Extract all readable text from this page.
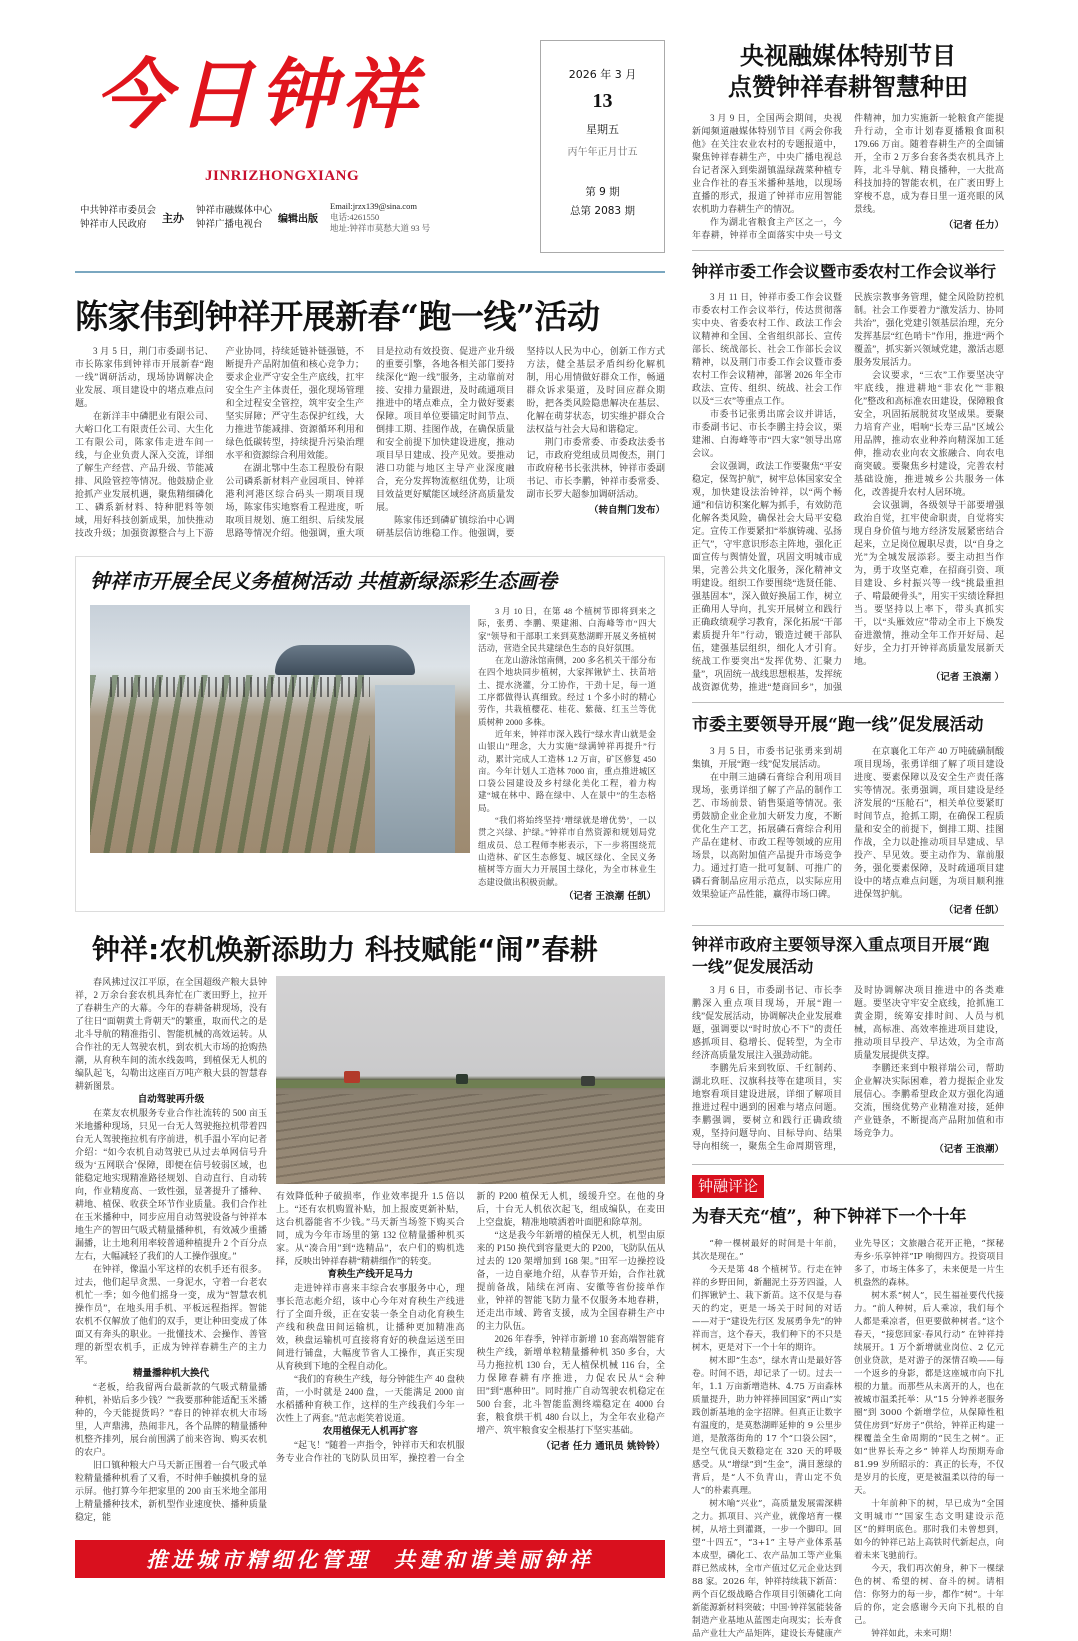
今日钟祥
JINRIZHONGXIANG
中共钟祥市委员会
钟祥市人民政府	主办
钟祥市融媒体中心
钟祥广播电视台	编辑出版
Email:jrzx139@sina.com
电话:4261550
地址:钟祥市莫愁大道 93 号
2026 年 3 月
13
星期五
丙午年正月廿五
第 9 期
总第 2083 期
陈家伟到钟祥开展新春“跑一线”活动

3 月 5 日，荆门市委副书记、市长陈家伟到钟祥市开展新春“跑一线”调研活动，现场协调解决企业发展、项目建设中的堵点难点问题。

在新洋丰中磷肥业有限公司、大峪口化工有限责任公司、大生化工有限公司，陈家伟走进车间一线，与企业负责人深入交流，详细了解生产经营、产品升级、节能减排、风险管控等情况。他鼓励企业抢抓产业发展机遇，聚焦精细磷化工、磷系新材料、特种肥料等领域，用好科技创新成果，加快推动技改升级；加强资源整合与上下游产业协同，持续延链补链强链，不断提升产品附加值和核心竞争力；要求企业严守安全生产底线，扛牢安全生产主体责任，强化现场管理和全过程安全管控，筑牢安全生产坚实屏障；严守生态保护红线，大力推进节能减排、资源循环利用和绿色低碳转型，持续提升污染治理水平和资源综合利用效能。

在湖北鄂中生态工程股份有限公司磷系新材料产业园项目、钟祥港利河港区综合码头一期项目现场，陈家伟实地察看工程进度，听取项目规划、施工组织、后续发展思路等情况介绍。他强调，重大项目是拉动有效投资、促进产业升级的重要引擎，各地各相关部门要持续深化“跑一线”服务，主动靠前对接、安排力量跟进，及时疏通项目推进中的堵点难点，全力做好要素保障。项目单位要锚定时间节点、倒排工期、挂图作战，在确保质量和安全前提下加快建设进度，推动项目早日建成、投产见效。要推动港口功能与地区主导产业深度融合，充分发挥物流枢纽优势，让项目效益更好赋能区域经济高质量发展。

陈家伟还到磷矿镇综治中心调研基层信访维稳工作。他强调，要坚持以人民为中心，创新工作方式方法，健全基层矛盾纠纷化解机制，用心用情做好群众工作，畅通群众诉求渠道，及时回应群众期盼，把各类风险隐患解决在基层、化解在萌芽状态，切实维护群众合法权益与社会大局和谐稳定。

荆门市委常委、市委政法委书记，市政府党组成员周俊杰，荆门市政府秘书长张洪林，钟祥市委副书记、市长李鹏，钟祥市委常委、副市长罗大超参加调研活动。

（转自荆门发布）

钟祥市开展全民义务植树活动 共植新绿添彩生态画卷

3 月 10 日，在第 48 个植树节即将到来之际，张勇、李鹏、栗建湘、白海峰等市“四大家”领导和干部职工来到莫愁湖畔开展义务植树活动，营造全民共建绿色生态的良好氛围。

在龙山游泳馆南侧，200 多名机关干部分布在四个地块同步植树，大家挥锹铲土、扶苗培土、提水浇灌，分工协作，干劲十足，每一道工序都做得认真细致。经过 1 个多小时的精心劳作，共栽植樱花、桂花、紫薇、红玉兰等优质树种 2000 多株。

近年来，钟祥市深入践行“绿水青山就是金山银山”理念，大力实施“绿满钟祥再提升”行动，累计完成人工造林 1.2 万亩，矿区修复 450 亩。今年计划人工造林 7000 亩，重点推进城区口袋公园建设及乡村绿化美化工程，着力构建“城在林中、路在绿中、人在景中”的生态格局。

“我们将始终坚持‘增绿就是增优势’，一以贯之兴绿、护绿。”钟祥市自然资源和规划局党组成员、总工程师李彬表示，下一步将围绕荒山造林、矿区生态修复、城区绿化、全民义务植树等方面大力开展国土绿化，为全市林业生态建设做出积极贡献。

（记者 王浪潮 任凯）

钟祥:农机焕新添助力 科技赋能“闹”春耕

春风拂过汉江平原，在全国超级产粮大县钟祥，2 万余台套农机具奔忙在广袤田野上，拉开了春耕生产的大幕。今年的春耕备耕现场，没有了往日“面朝黄土背朝天”的繁重，取而代之的是北斗导航的精准指引、智能机械的高效运转。从合作社的无人驾驶农机，到农机大市场的抢购热潮，从育秧车间的流水线轰鸣，到植保无人机的编队起飞，勾勒出这座百万吨产粮大县的智慧春耕新图景。

自动驾驶再升级

在菜友农机服务专业合作社流转的 500 亩玉米地播种现场，只见一台无人驾驶拖拉机带着四台无人驾驶拖拉机有序前进，机手温小军向记者介绍：“如今农机自动驾驶已从过去单网信号升级为‘五网联合’保障，即便在信号较弱区域，也能稳定地实现精准路径规划、自动直行、自动转向，作业精度高、一致性强，显著提升了播种、耕地、植保、收获全环节作业质量。我们合作社在玉米播种中，同步应用自动驾驶设备与钟祥本地生产的智田气吸式精量播种机，有效减少重播漏播，让土地利用率较普通种植提升 2 个百分点左右，大幅减轻了我们的人工操作强度。”

在钟祥，像温小军这样的农机手还有很多。过去，他们起早贪黑、一身泥水，守着一台老农机忙一季；如今他们摇身一变，成为“智慧农机操作员”，在地头用手机、平板远程指挥。智能农机不仅解放了他们的双手，更让种田变成了体面又有奔头的职业。一批懂技术、会操作、善管理的新型农机手，正成为钟祥春耕生产的主力军。

精量播种机大换代

“老板，给我留两台最新款的气吸式精量播种机，补贴后多少钱？”“我要那种能适配玉米播种的，今天能提货吗？”春日的钟祥农机大市场里，人声鼎沸，热闹非凡，各个品牌的精量播种机整齐排列，展台前围满了前来咨询、购买农机的农户。

旧口镇种粮大户马天新正围着一台气吸式单粒精量播种机看了又看，不时伸手触摸机身的显示屏。他打算今年把家里的 200 亩玉米地全部用上精量播种技术，新机型作业速度快、播种质量稳定，能

有效降低种子破损率，作业效率提升 1.5 倍以上。“还有农机购置补贴，加上报废更新补贴，这台机器能省不少钱。”马天新当场签下购买合同，成为今年市场里的第 132 位精量播种机买家。从“凑合用”到“选精品”，农户们的购机选择，反映出钟祥春耕“精耕细作”的转变。

育秧生产线开足马力

走进钟祥市喜来丰综合农事服务中心，理事长范志彪介绍，该中心今年对育秧生产线进行了全面升级，正在安装一条全自动化育秧生产线和秧盘田间运输机，让播种更加精准高效，秧盘运输机可直接将育好的秧盘运送至田间进行铺盘，大幅度节省人工操作，真正实现从育秧到下地的全程自动化。

“我们的育秧生产线，每分钟能生产 40 盘秧苗，一小时就是 2400 盘，一天能满足 2000 亩水稻播种育秧工作，这样的生产线我们今年一次性上了两套。”范志彪笑着说道。

农用植保无人机再扩容

“起飞！”随着一声指令，钟祥市天和农机服务专业合作社的飞防队员田军，操控着一台全新的 P200 植保无人机，缓缓升空。在他的身后，十台无人机依次起飞，组成编队，在麦田上空盘旋，精准地喷洒着叶面肥和除草剂。

“这是我今年新增的植保无人机，机型由原来的 P150 换代到容量更大的 P200，飞防队伍从过去的 120 架增加到 168 架。”田军一边操控设备，一边自豪地介绍，从春节开始，合作社就提前备战，陆续在河南、安徽等省份接单作业，钟祥的智能飞防力量不仅服务本地春耕，还走出市域、跨省支援，成为全国春耕生产中的主力队伍。

2026 年春季，钟祥市新增 10 套高端智能育秧生产线，新增单粒精量播种机 350 多台，大马力拖拉机 130 台，无人植保机械 116 台，全力保障春耕有序推进，力促农民从“会种田”到“惠种田”。同时推广自动驾驶农机稳定在 500 台套，北斗智能监测终端稳定在 4000 台套，粮食烘干机 480 台以上，为全年农业稳产增产、筑牢粮食安全根基打下坚实基础。

（记者 任力 通讯员 姚铃铃）

推进城市精细化管理  共建和谐美丽钟祥
央视融媒体特别节目
点赞钟祥春耕智慧种田

3 月 9 日，全国两会期间，央视新闻频道融媒体特别节目《两会你我他》在关注农业农村的专题报道中，聚焦钟祥春耕生产，中央广播电视总台记者深入到柴湖镇温绿蔬菜种植专业合作社的春玉米播种基地，以现场直播的形式，报道了钟祥市应用智能农机助力春耕生产的情况。

作为湖北省粮食主产区之一，今年春耕，钟祥市全面落实中央一号文件精神，加力实施新一轮粮食产能提升行动，全市计划春夏播粮食面积 179.66 万亩。随着春耕生产的全面铺开，全市 2 万多台套各类农机具齐上阵，北斗导航、精良播种，一大批高科技加持的智能农机，在广袤田野上穿梭不息，成为春日里一道亮眼的风景线。

（记者 任力）

钟祥市委工作会议暨市委农村工作会议举行

3 月 11 日，钟祥市委工作会议暨市委农村工作会议举行，传达贯彻落实中央、省委农村工作、政法工作会议精神和全国、全省组织部长、宣传部长、统战部长、社会工作部长会议精神，以及荆门市委工作会议暨市委农村工作会议精神，部署 2026 年全市政法、宣传、组织、统战、社会工作以及“三农”等重点工作。

市委书记张勇出席会议并讲话，市委副书记、市长李鹏主持会议，栗建湘、白海峰等市“四大家”领导出席会议。

会议强调，政法工作要聚焦“平安稳定，保驾护航”，树牢总体国家安全观，加快建设法治钟祥，以“两个畅通”和信访积案化解为抓手，有效防范化解各类风险，确保社会大局平安稳定。宣传工作要紧扣“举旗铸魂、弘扬正气”，守牢意识形态主阵地，强化正面宣传与舆情处置，巩固文明城市成果，完善公共文化服务，深化精神文明建设。组织工作要围绕“选贤任能、强基固本”，深入做好换届工作，树立正确用人导向，扎实开展树立和践行正确政绩观学习教育，深化拓展“干部素质提升年”行动，锻造过硬干部队伍，建强基层组织，细化人才引育。统战工作要突出“发挥优势、汇聚力量”，巩固统一战线思想根基，发挥统战资源优势，推进“楚商回乡”，加强民族宗教事务管理，健全风险防控机制。社会工作要着力“激发活力、协同共治”，强化党建引领基层治理，充分发挥基层“红色哨卡”作用，推进“两个覆盖”，抓实新兴领域党建，激活志愿服务发展活力。

会议要求，“三农”工作要坚决守牢底线，推进耕地“非农化”“非粮化”整改和高标准农田建设，保障粮食安全，巩固拓展脱贫攻坚成果。要聚力培育产业，唱响“长寿三品”区域公用品牌，推动农业种养向精深加工延伸，推动农业向农文旅融合、向农电商突破。要聚焦乡村建设，完善农村基础设施，推进城乡公共服务一体化，改善提升农村人居环境。

会议强调，各级领导干部要增强政治自觉，扛牢使命职责，自觉将实现自身价值与地方经济发展紧密结合起来，立足岗位履职尽责，以“自身之光”为全城发展添彩。要主动担当作为，勇于攻坚克难，在招商引资、项目建设、乡村振兴等一线“挑最重担子、啃最硬骨头”，用实干实绩诠释担当。要坚持以上率下，带头真抓实干，以“头雁效应”带动全市上下焕发奋进激情，推动全年工作开好局、起好步，全力打开钟祥高质量发展新天地。

（记者 王浪潮 ）

市委主要领导开展“跑一线”促发展活动

3 月 5 日，市委书记张勇来到胡集镇，开展“跑一线”促发展活动。

在中荆三迪磷石膏综合利用项目现场，张勇详细了解了产品的制作工艺、市场前景、销售渠道等情况。张勇鼓励企业企业加大研发力度，不断优化生产工艺，拓展磷石膏综合利用产品在建材、市政工程等领域的应用场景，以高附加值产品提升市场竞争力。通过打造一批可复制、可推广的磷石膏制品应用示范点，以实际应用效果验证产品性能，赢得市场口碑。

在京襄化工年产 40 万吨硫磺制酸项目现场，张勇详细了解了项目建设进度、要素保障以及安全生产责任落实等情况。张勇强调，项目建设是经济发展的“压舱石”，相关单位要紧盯时间节点，抢抓工期，在确保工程质量和安全的前提下，倒排工期、挂图作战，全力以赴推动项目早建成、早投产、早见效。要主动作为、靠前服务，强化要素保障，及时疏通项目建设中的堵点难点问题，为项目顺利推进保驾护航。

（记者 任凯）

钟祥市政府主要领导深入重点项目开展“跑一线”促发展活动

3 月 6 日，市委副书记、市长李鹏深入重点项目现场，开展“跑一线”促发展活动，协调解决企业发展难题，强调要以“时时放心不下”的责任感抓项目、稳增长、促转型，为全市经济高质量发展注入强劲动能。

李鹏先后来到牧原、千红制药、湖北玖旺、汉旗科技等在建项目，实地察看项目建设进展，详细了解项目推进过程中遇到的困难与堵点问题。李鹏强调，要树立和践行正确政绩观，坚持问题导向、目标导向、结果导向相统一，聚焦全生命周期管理，及时协调解决项目推进中的各类难题。要坚决守牢安全底线，抢抓施工黄金期，统筹安排时间、人员与机械，高标准、高效率推进项目建设，推动项目早投产、早达效，为全市高质量发展提供支撑。

李鹏还来到中粮祥瑞公司，帮助企业解决实际困难，着力提振企业发展信心。李鹏希望政企双方强化沟通交流，围绕优势产业精准对接，延伸产业链条，不断提高产品附加值和市场竞争力。

（记者 王浪潮）

钟融评论
为春天充“植”，种下钟祥下一个十年

“种一棵树最好的时间是十年前，其次是现在。”

今天是第 48 个植树节。行走在钟祥的乡野田间，新翻泥土芬芳四溢，人们挥锹铲土、栽下新苗。这不仅是与春天的约定，更是一场关于时间的对话——对于“建设先行区 发展勇争先”的钟祥而言，这个春天，我们种下的不只是树木，更是对下一个十年的期许。

树木即“生态”，绿水青山是最好答卷。时间不语，却记录了一切。过去一年，1.1 万亩新增造林、4.75 万亩森林质量提升，助力钟祥捧回国家“两山”实践创新基地的金字招牌。但真正让数字有温度的，是莫愁湖畔延伸的 9 公里步道，是散落街角的 17 个“口袋公园”，是空气优良天数稳定在 320 天的呼吸感受。从“增绿”到“生金”，满目葱绿的背后，是“人不负青山，青山定不负人”的朴素真理。

树木喻“兴业”，高质量发展需深耕之力。抓项目、兴产业，就像培育一棵树，从培土到灌溉，一步一个脚印。回望“十四五”，“3+1” 主导产业体系基本成型，磷化工、农产品加工等产业集群已然成林，全市产值过亿元企业达到 88 家。2026 年，钟祥持续栽下新苗：两个百亿级战略合作项目引领磷化工向新能源新材料突破；中国·钟祥氢能装备制造产业基地从蓝图走向现实；长寿食品产业壮大产品矩阵，建设长寿健康产业先导区；文旅融合花开正艳，“探秘寿乡·乐享钟祥”IP 响彻四方。投资项目多了，市场主体多了，未来便是一片生机盎然的森林。

树木系“树人”，民生福祉要代代接力。“前人种树，后人乘凉，我们每个人都是乘凉者，但更要做种树者。”这个春天，“接您回家·春风行动” 在钟祥持续展开。1 万个新增就业岗位、2 亿元创业贷款，是对游子的深情召唤——每一个返乡的身影，都是这座城市向下扎根的力量。而那些从未离开的人，也在被城市温柔托举：从“15 分钟养老服务圈”到 3000 个新增学位，从保障性租赁住房到“好房子”供给，钟祥正构建一棵覆盖全生命周期的“民生之树”。正如“世界长寿之乡” 钟祥人均预期寿命 81.99 岁所昭示的：真正的长寿，不仅是岁月的长度，更是被温柔以待的每一天。

十年前种下的树，早已成为“全国文明城市”“国家生态文明建设示范区”的鲜明底色。那时我们未曾想到，如今的钟祥已站上高铁时代新起点，向着未来飞驰前行。

今天，我们再次俯身，种下一棵绿色的树、希望的树、奋斗的树。请相信：你努力的每一步，都作“树”。十年后的你，定会感谢今天向下扎根的自己。

钟祥如此，未来可期！
